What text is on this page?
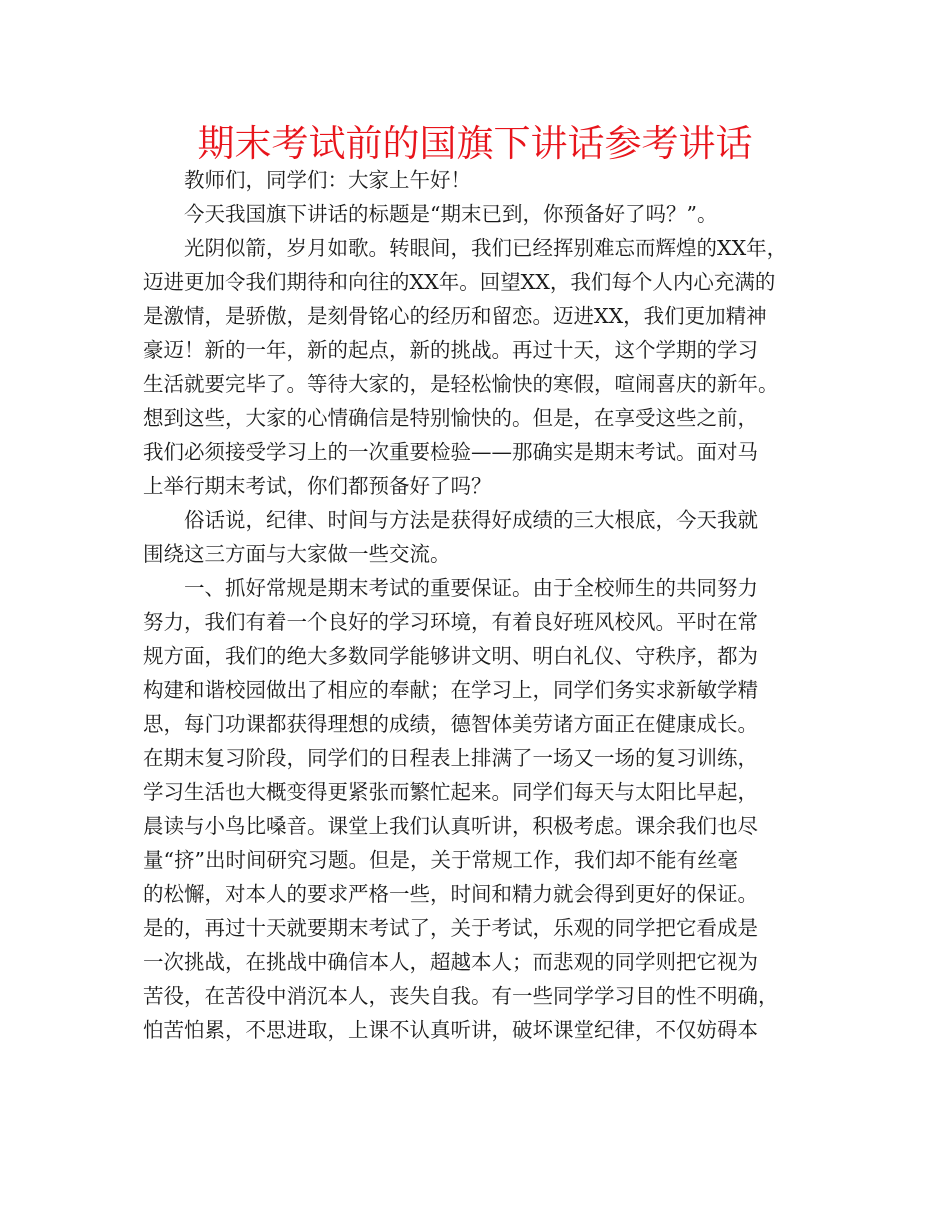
期末考试前的国旗下讲话参考讲话
教师们，同学们：大家上午好！
今天我国旗下讲话的标题是“期末已到，你预备好了吗？”。
光阴似箭，岁月如歌。转眼间，我们已经挥别难忘而辉煌的XX年，
迈进更加令我们期待和向往的XX年。回望XX，我们每个人内心充满的
是激情，是骄傲，是刻骨铭心的经历和留恋。迈进XX，我们更加精神
豪迈！新的一年，新的起点，新的挑战。再过十天，这个学期的学习
生活就要完毕了。等待大家的，是轻松愉快的寒假，喧闹喜庆的新年。
想到这些，大家的心情确信是特别愉快的。但是，在享受这些之前，
我们必须接受学习上的一次重要检验——那确实是期末考试。面对马
上举行期末考试，你们都预备好了吗？
俗话说，纪律、时间与方法是获得好成绩的三大根底，今天我就
围绕这三方面与大家做一些交流。
一、抓好常规是期末考试的重要保证。由于全校师生的共同努力
努力，我们有着一个良好的学习环境，有着良好班风校风。平时在常
规方面，我们的绝大多数同学能够讲文明、明白礼仪、守秩序，都为
构建和谐校园做出了相应的奉献；在学习上，同学们务实求新敏学精
思，每门功课都获得理想的成绩，德智体美劳诸方面正在健康成长。
在期末复习阶段，同学们的日程表上排满了一场又一场的复习训练，
学习生活也大概变得更紧张而繁忙起来。同学们每天与太阳比早起，
晨读与小鸟比嗓音。课堂上我们认真听讲，积极考虑。课余我们也尽
量“挤”出时间研究习题。但是，关于常规工作，我们却不能有丝毫
的松懈，对本人的要求严格一些，时间和精力就会得到更好的保证。
是的，再过十天就要期末考试了，关于考试，乐观的同学把它看成是
一次挑战，在挑战中确信本人，超越本人；而悲观的同学则把它视为
苦役，在苦役中消沉本人，丧失自我。有一些同学学习目的性不明确，
怕苦怕累，不思进取，上课不认真听讲，破坏课堂纪律，不仅妨碍本
